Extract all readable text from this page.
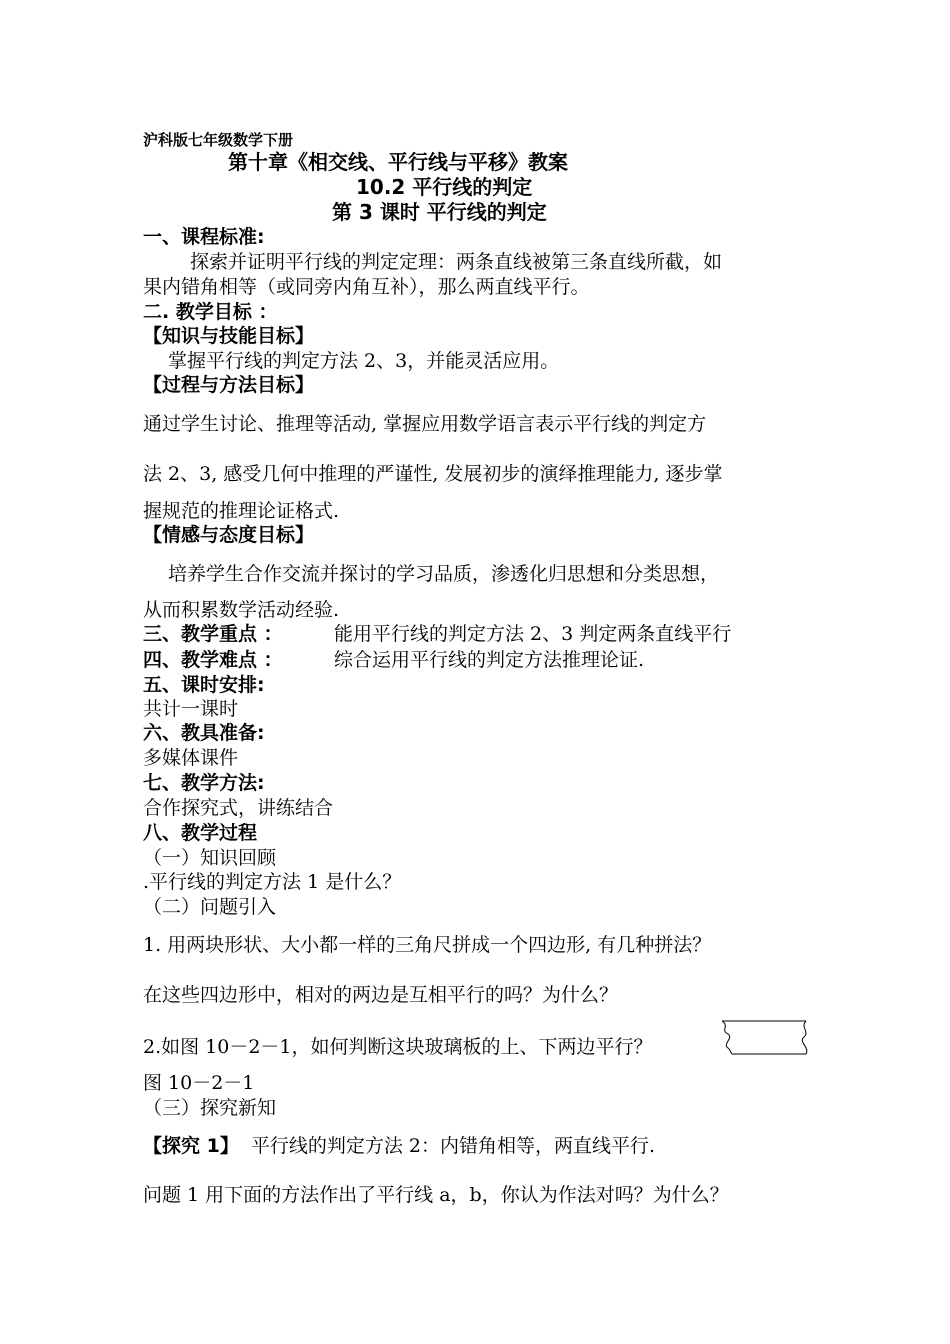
沪科版七年级数学下册
第十章《相交线、平行线与平移》教案
10.2 平行线的判定
第 3 课时 平行线的判定
一、课程标准:
探索并证明平行线的判定定理：两条直线被第三条直线所截，如
果内错角相等（或同旁内角互补），那么两直线平行。
二. 教学目标 ：
【知识与技能目标】
掌握平行线的判定方法 2、3，并能灵活应用。
【过程与方法目标】
通过学生讨论、推理等活动, 掌握应用数学语言表示平行线的判定方
法 2、3, 感受几何中推理的严谨性, 发展初步的演绎推理能力, 逐步掌
握规范的推理论证格式.
【情感与态度目标】
培养学生合作交流并探讨的学习品质，渗透化归思想和分类思想，
从而积累数学活动经验.
三、教学重点 ：	能用平行线的判定方法 2、3 判定两条直线平行
四、教学难点 ：	综合运用平行线的判定方法推理论证.
五、课时安排:
共计一课时
六、教具准备:
多媒体课件
七、教学方法:
合作探究式，讲练结合
八、教学过程
（一）知识回顾
.平行线的判定方法 1 是什么？
（二）问题引入
1. 用两块形状、大小都一样的三角尺拼成一个四边形, 有几种拼法？
在这些四边形中，相对的两边是互相平行的吗？为什么？
2.如图 10－2－1，如何判断这块玻璃板的上、下两边平行？
图 10－2－1
（三）探究新知
【探究 1】 平行线的判定方法 2：内错角相等，两直线平行.
问题 1 用下面的方法作出了平行线 a，b，你认为作法对吗？为什么？
